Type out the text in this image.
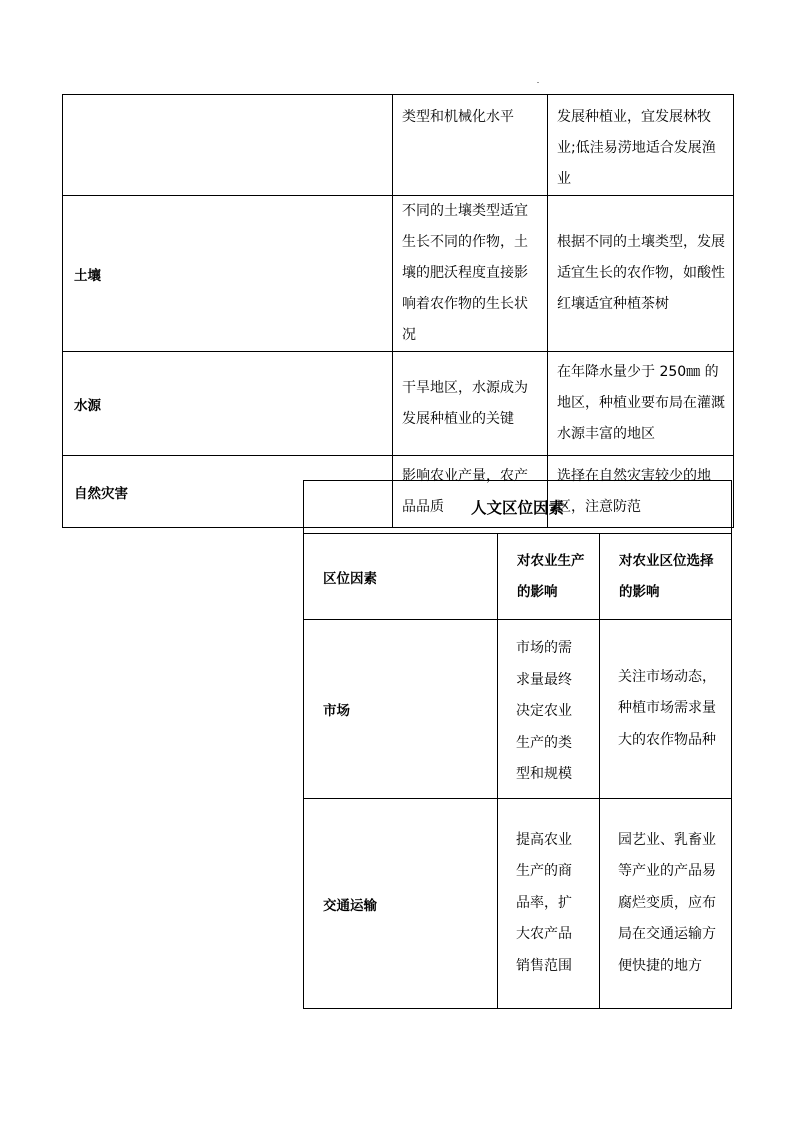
	类型和机械化水平	发展种植业，宜发展林牧业;低洼易涝地适合发展渔业
土壤	不同的土壤类型适宜生长不同的作物，土壤的肥沃程度直接影响着农作物的生长状况	根据不同的土壤类型，发展适宜生长的农作物，如酸性红壤适宜种植茶树
水源	干旱地区，水源成为发展种植业的关键	在年降水量少于 250㎜ 的地区，种植业要布局在灌溉水源丰富的地区
自然灾害	影响农业产量，农产品品质	选择在自然灾害较少的地区，注意防范
人文区位因素		
区位因素	对农业生产的影响	对农业区位选择的影响
市场	市场的需求量最终决定农业生产的类型和规模	关注市场动态，种植市场需求量大的农作物品种
交通运输	提高农业生产的商品率，扩大农产品销售范围	园艺业、乳畜业等产业的产品易腐烂变质，应布局在交通运输方便快捷的地方
